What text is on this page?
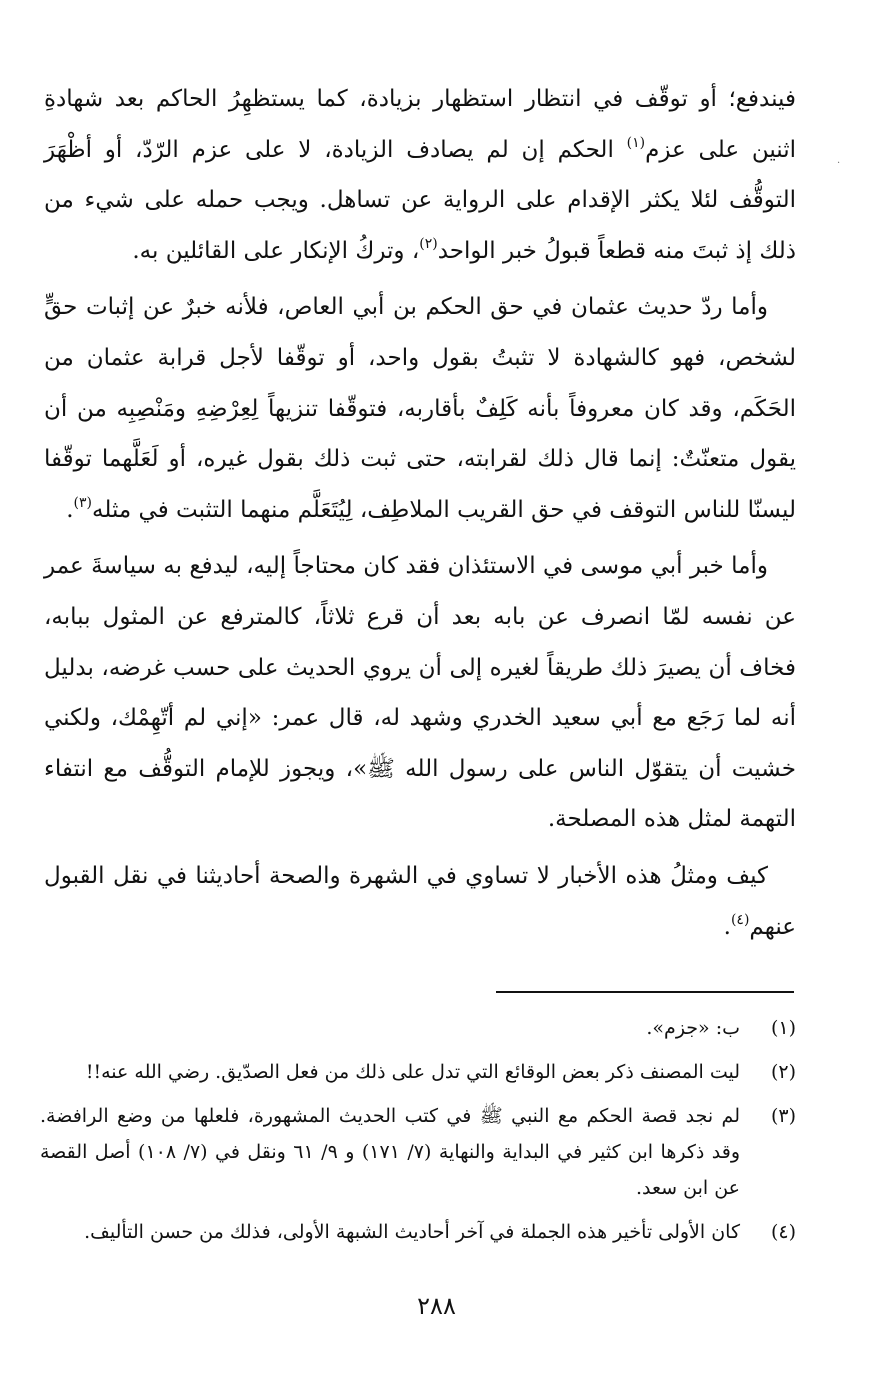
·

فيندفع؛ أو توقّف في انتظار استظهار بزيادة، كما يستظهِرُ الحاكم بعد شهادةِ اثنين على عزم$^{(١)}$ الحكم إن لم يصادف الزيادة، لا على عزم الرّدّ، أو أظْهَرَ التوقُّف لئلا يكثر الإقدام على الرواية عن تساهل. ويجب حمله على شيء من ذلك إذ ثبتَ منه قطعاً قبولُ خبر الواحد$^{(٢)}$، وتركُ الإنكار على القائلين به.

وأما ردّ حديث عثمان في حق الحكم بن أبي العاص، فلأنه خبرٌ عن إثبات حقٍّ لشخص، فهو كالشهادة لا تثبتُ بقول واحد، أو توقّفا لأجل قرابة عثمان من الحَكَم، وقد كان معروفاً بأنه كَلِفٌ بأقاربه، فتوقّفا تنزيهاً لِعِرْضِهِ ومَنْصِبِه من أن يقول متعنّتٌ: إنما قال ذلك لقرابته، حتى ثبت ذلك بقول غيره، أو لَعَلَّهما توقّفا ليسنّا للناس التوقف في حق القريب الملاطِف، لِيُتَعَلَّم منهما التثبت في مثله$^{(٣)}$.

وأما خبر أبي موسى في الاستئذان فقد كان محتاجاً إليه، ليدفع به سياسةَ عمر عن نفسه لمّا انصرف عن بابه بعد أن قرع ثلاثاً، كالمترفع عن المثول ببابه، فخاف أن يصيرَ ذلك طريقاً لغيره إلى أن يروي الحديث على حسب غرضه، بدليل أنه لما رَجَع مع أبي سعيد الخدري وشهد له، قال عمر: «إني لم أتّهِمْك، ولكني خشيت أن يتقوّل الناس على رسول الله ﷺ»، ويجوز للإمام التوقُّف مع انتفاء التهمة لمثل هذه المصلحة.

كيف ومثلُ هذه الأخبار لا تساوي في الشهرة والصحة أحاديثنا في نقل القبول عنهم$^{(٤)}$.

(١)
ب: «جزم».
(٢)
ليت المصنف ذكر بعض الوقائع التي تدل على ذلك من فعل الصدّيق. رضي الله عنه!!
(٣)
لم نجد قصة الحكم مع النبي ﷺ في كتب الحديث المشهورة، فلعلها من وضع الرافضة. وقد ذكرها ابن كثير في البداية والنهاية (٧/ ١٧١) و ٩/ ٦١ ونقل في (٧/ ١٠٨) أصل القصة عن ابن سعد.
(٤)
كان الأولى تأخير هذه الجملة في آخر أحاديث الشبهة الأولى، فذلك من حسن التأليف.
٢٨٨
